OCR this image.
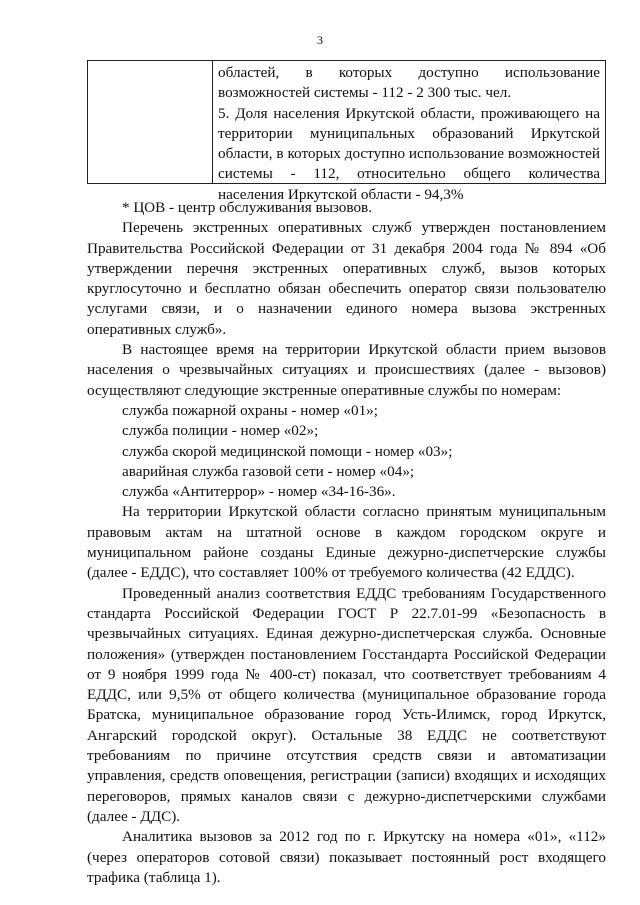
3

областей, в которых доступно использование возможностей системы - 112 - 2 300 тыс. чел.

5. Доля населения Иркутской области, проживающего на территории муниципальных образований Иркутской области, в которых доступно использование возможностей системы - 112, относительно общего количества населения Иркутской области - 94,3%

* ЦОВ - центр обслуживания вызовов.

Перечень экстренных оперативных служб утвержден постановлением Правительства Российской Федерации от 31 декабря 2004 года № 894 «Об утверждении перечня экстренных оперативных служб, вызов которых круглосуточно и бесплатно обязан обеспечить оператор связи пользователю услугами связи, и о назначении единого номера вызова экстренных оперативных служб».

В настоящее время на территории Иркутской области прием вызовов населения о чрезвычайных ситуациях и происшествиях (далее - вызовов) осуществляют следующие экстренные оперативные службы по номерам:

служба пожарной охраны - номер «01»;

служба полиции - номер «02»;

служба скорой медицинской помощи - номер «03»;

аварийная служба газовой сети - номер «04»;

служба «Антитеррор» - номер «34-16-36».

На территории Иркутской области согласно принятым муниципальным правовым актам на штатной основе в каждом городском округе и муниципальном районе созданы Единые дежурно-диспетчерские службы (далее - ЕДДС), что составляет 100% от требуемого количества (42 ЕДДС).

Проведенный анализ соответствия ЕДДС требованиям Государственного стандарта Российской Федерации ГОСТ Р 22.7.01-99 «Безопасность в чрезвычайных ситуациях. Единая дежурно-диспетчерская служба. Основные положения» (утвержден постановлением Госстандарта Российской Федерации от 9 ноября 1999 года № 400-ст) показал, что соответствует требованиям 4 ЕДДС, или 9,5% от общего количества (муниципальное образование города Братска, муниципальное образование город Усть-Илимск, город Иркутск, Ангарский городской округ). Остальные 38 ЕДДС не соответствуют требованиям по причине отсутствия средств связи и автоматизации управления, средств оповещения, регистрации (записи) входящих и исходящих переговоров, прямых каналов связи с дежурно-диспетчерскими службами (далее - ДДС).

Аналитика вызовов за 2012 год по г. Иркутску на номера «01», «112» (через операторов сотовой связи) показывает постоянный рост входящего трафика (таблица 1).
